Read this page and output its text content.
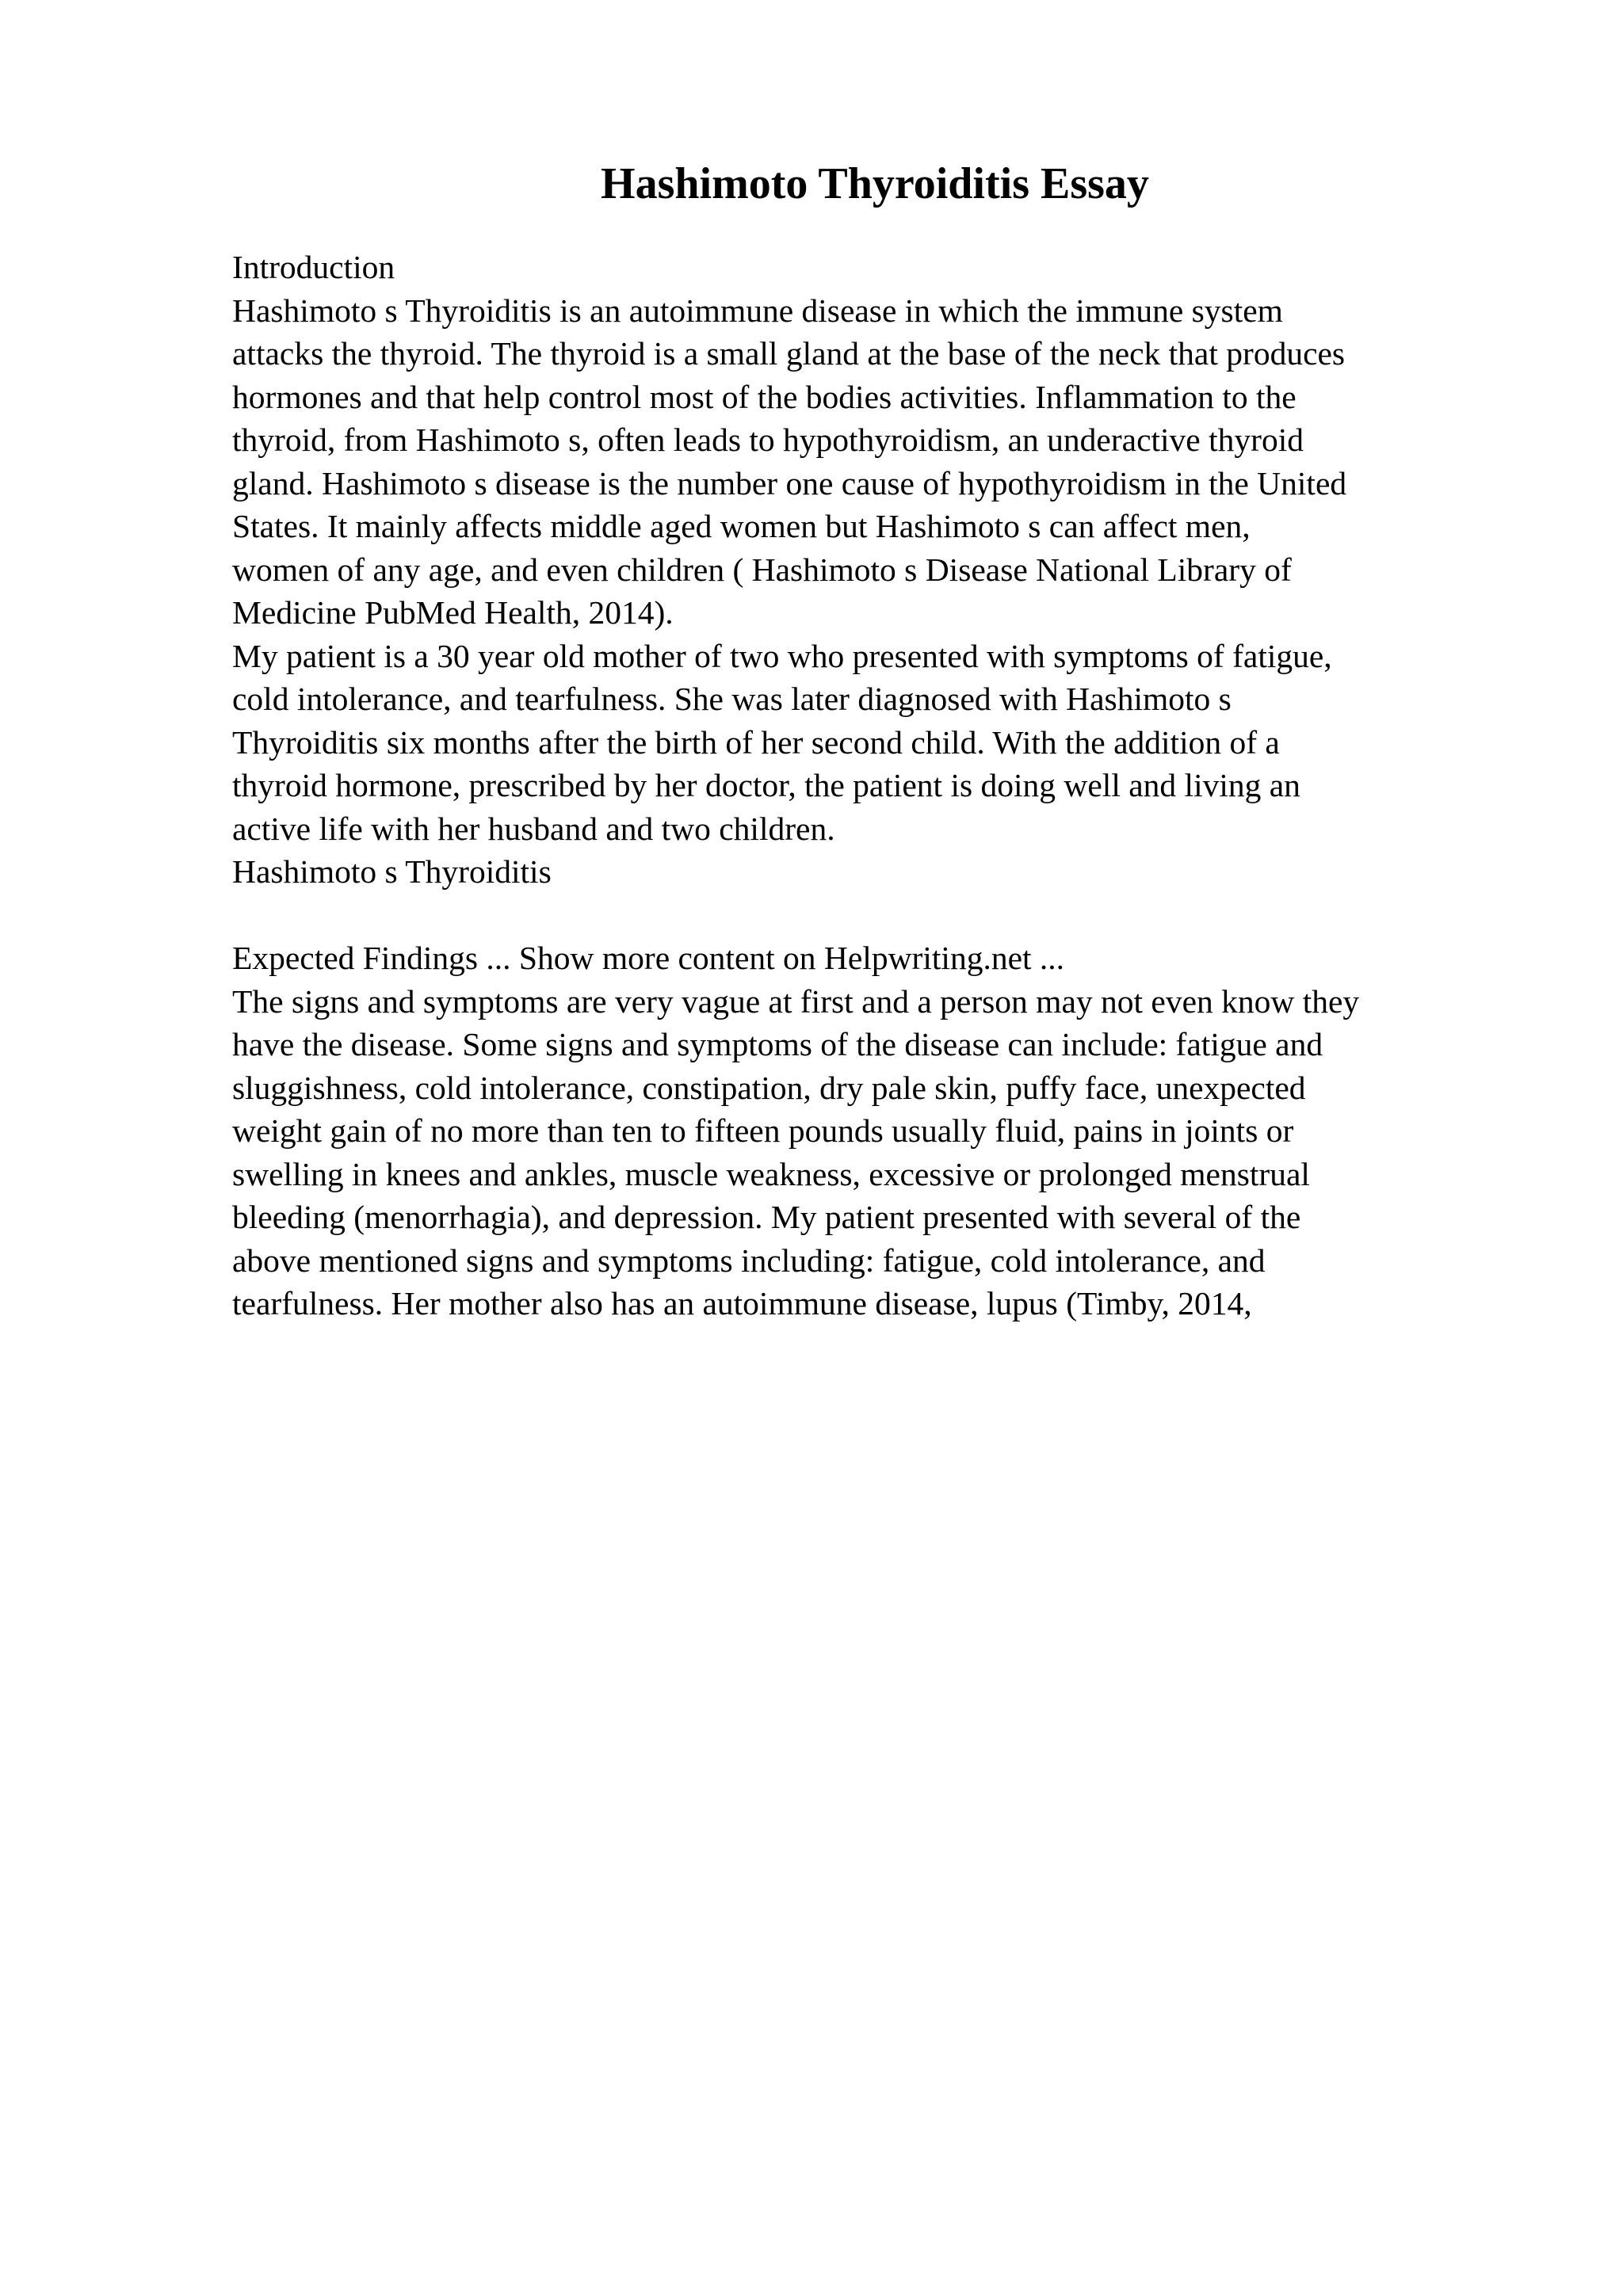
Hashimoto Thyroiditis Essay
Introduction
Hashimoto s Thyroiditis is an autoimmune disease in which the immune system
attacks the thyroid. The thyroid is a small gland at the base of the neck that produces
hormones and that help control most of the bodies activities. Inflammation to the
thyroid, from Hashimoto s, often leads to hypothyroidism, an underactive thyroid
gland. Hashimoto s disease is the number one cause of hypothyroidism in the United
States. It mainly affects middle aged women but Hashimoto s can affect men,
women of any age, and even children ( Hashimoto s Disease National Library of
Medicine PubMed Health, 2014).
My patient is a 30 year old mother of two who presented with symptoms of fatigue,
cold intolerance, and tearfulness. She was later diagnosed with Hashimoto s
Thyroiditis six months after the birth of her second child. With the addition of a
thyroid hormone, prescribed by her doctor, the patient is doing well and living an
active life with her husband and two children.
Hashimoto s Thyroiditis
Expected Findings ... Show more content on Helpwriting.net ...
The signs and symptoms are very vague at first and a person may not even know they
have the disease. Some signs and symptoms of the disease can include: fatigue and
sluggishness, cold intolerance, constipation, dry pale skin, puffy face, unexpected
weight gain of no more than ten to fifteen pounds usually fluid, pains in joints or
swelling in knees and ankles, muscle weakness, excessive or prolonged menstrual
bleeding (menorrhagia), and depression. My patient presented with several of the
above mentioned signs and symptoms including: fatigue, cold intolerance, and
tearfulness. Her mother also has an autoimmune disease, lupus (Timby, 2014,
